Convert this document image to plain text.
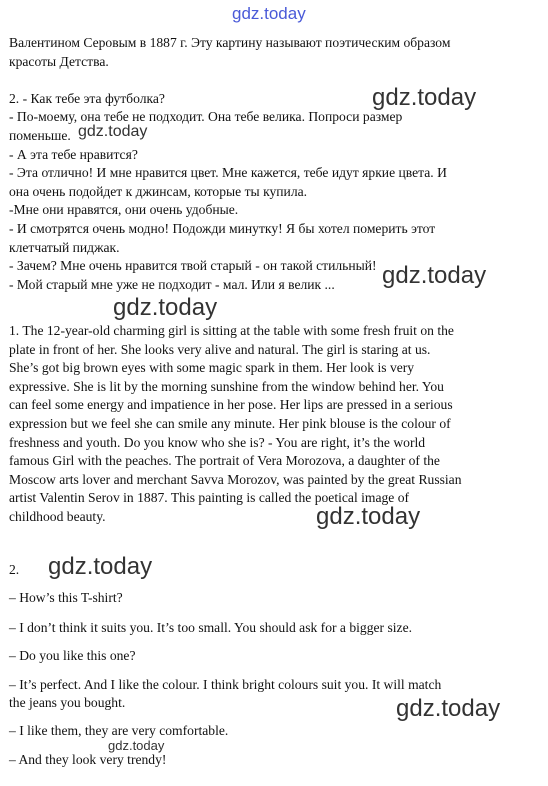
gdz.today
Валентином Серовым в 1887 г. Эту картину называют поэтическим образом
красоты Детства.
2. - Как тебе эта футболка?
- По-моему, она тебе не подходит. Она тебе велика. Попроси размер
поменьше.
- А эта тебе нравится?
- Эта отлично! И мне нравится цвет. Мне кажется, тебе идут яркие цвета. И
она очень подойдет к джинсам, которые ты купила.
-Мне они нравятся, они очень удобные.
- И смотрятся очень модно! Подожди минутку! Я бы хотел померить этот
клетчатый пиджак.
- Зачем? Мне очень нравится твой старый - он такой стильный!
- Мой старый мне уже не подходит - мал. Или я велик ...
1. The 12-year-old charming girl is sitting at the table with some fresh fruit on the
plate in front of her. She looks very alive and natural. The girl is staring at us.
She’s got big brown eyes with some magic spark in them. Her look is very
expressive. She is lit by the morning sunshine from the window behind her. You
can feel some energy and impatience in her pose. Her lips are pressed in a serious
expression but we feel she can smile any minute. Her pink blouse is the colour of
freshness and youth. Do you know who she is? - You are right, it’s the world
famous Girl with the peaches. The portrait of Vera Morozova, a daughter of the
Moscow arts lover and merchant Savva Morozov, was painted by the great Russian
artist Valentin Serov in 1887. This painting is called the poetical image of
childhood beauty.
2.
– How’s this T-shirt?
– I don’t think it suits you. It’s too small. You should ask for a bigger size.
– Do you like this one?
– It’s perfect. And I like the colour. I think bright colours suit you. It will match
the jeans you bought.
– I like them, they are very comfortable.
– And they look very trendy!
gdz.today
gdz.today
gdz.today
gdz.today
gdz.today
gdz.today
gdz.today
gdz.today
